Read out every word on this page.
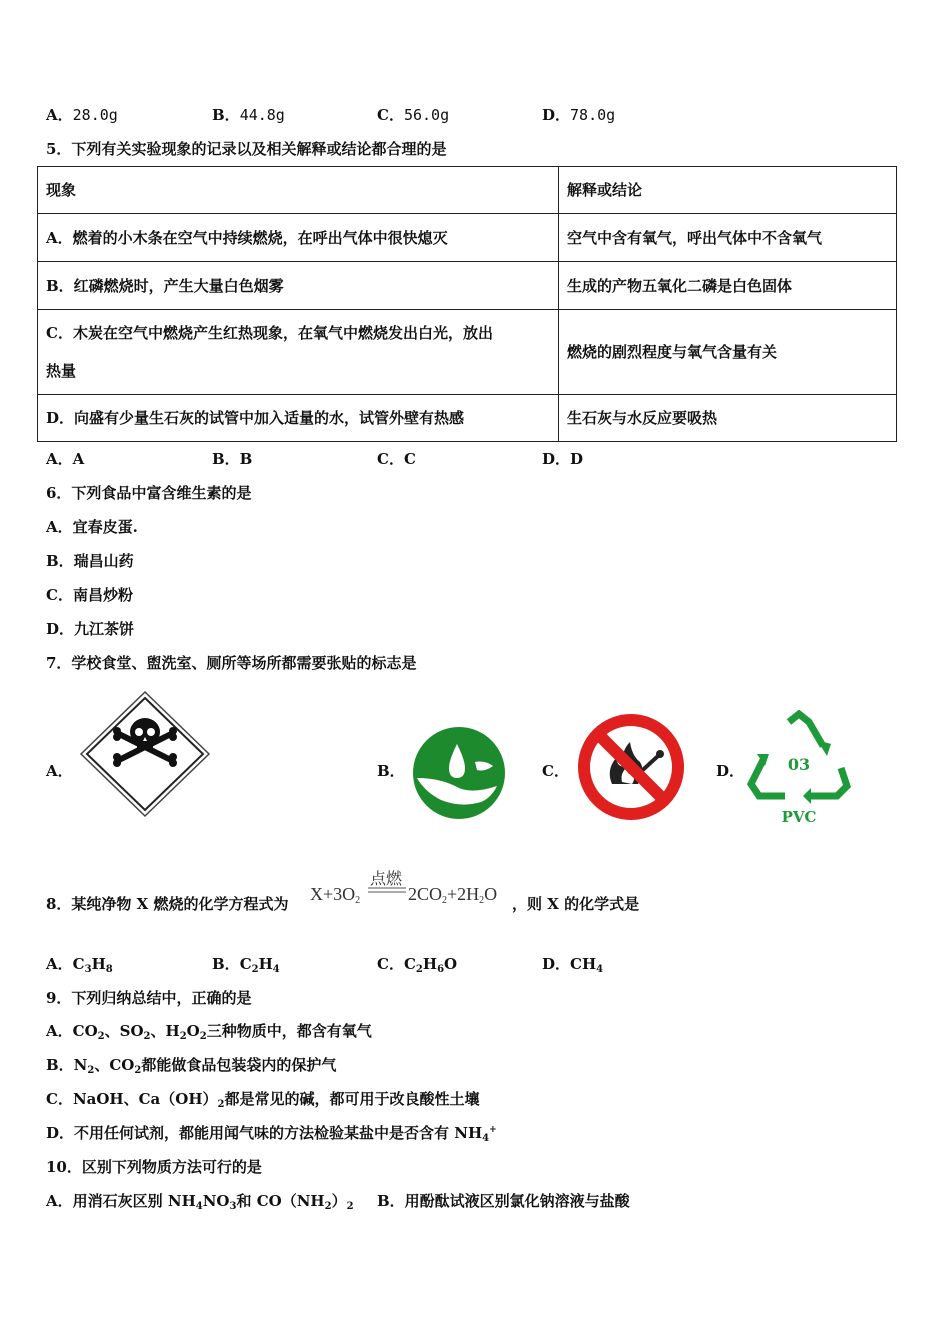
A．28.0g	B．44.8g	C．56.0g	D．78.0g
5．下列有关实验现象的记录以及相关解释或结论都合理的是
现象	解释或结论
A．燃着的小木条在空气中持续燃烧，在呼出气体中很快熄灭	空气中含有氧气，呼出气体中不含氧气
B．红磷燃烧时，产生大量白色烟雾	生成的产物五氧化二磷是白色固体

C．木炭在空气中燃烧产生红热现象，在氧气中燃烧发出白光，放出
热量	燃烧的剧烈程度与氧气含量有关
D．向盛有少量生石灰的试管中加入适量的水，试管外壁有热感	生石灰与水反应要吸热
A．A	B．B	C．C	D．D
6．下列食品中富含维生素的是
A．宜春皮蛋.
B．瑞昌山药
C．南昌炒粉
D．九江茶饼
7．学校食堂、盥洗室、厕所等场所都需要张贴的标志是
A．	B．	C．	D．	03
PVC
8．某纯净物 X 燃烧的化学方程式为 $X+3O_2$
点燃
$2CO_2+2H_2O$ ，则 X 的化学式是
A．$C_3H_8$	B．$C_2H_4$	C．$C_2H_6O$	D．$CH_4$
9．下列归纳总结中，正确的是
A．$CO_2$、$SO_2$、$H_2O_2$三种物质中，都含有氧气
B．$N_2$、$CO_2$都能做食品包装袋内的保护气
C．NaOH、$Ca(OH)_2$都是常见的碱，都可用于改良酸性土壤
D．不用任何试剂，都能用闻气味的方法检验某盐中是否含有 $NH_4^+$
10．区别下列物质方法可行的是
A．用消石灰区别 $NH_4NO_3$和 $CO(NH_2)_2$ B．用酚酞试液区别氯化钠溶液与盐酸
